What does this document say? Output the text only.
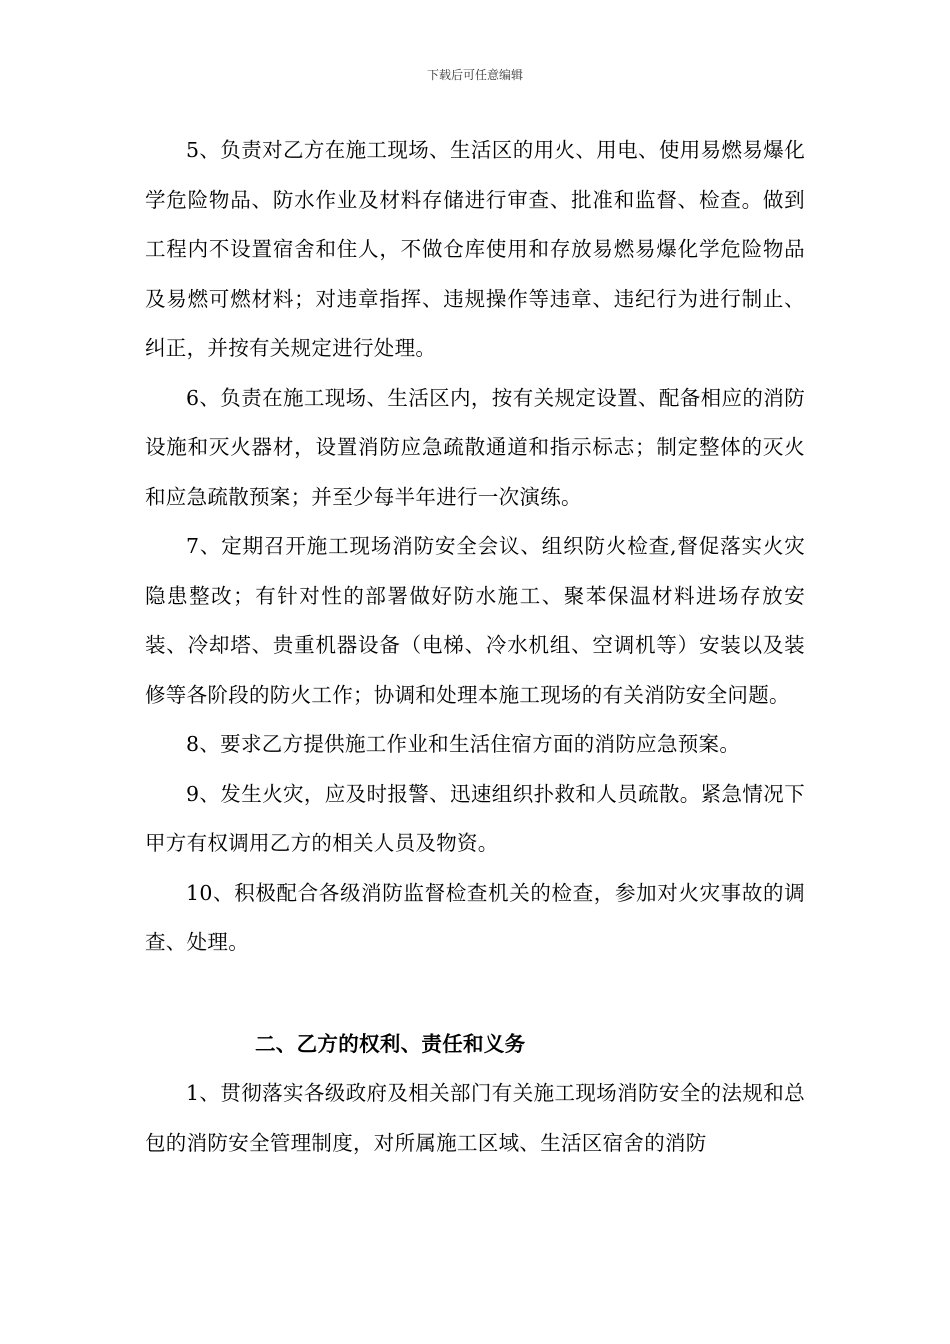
下载后可任意编辑

5、负责对乙方在施工现场、生活区的用火、用电、使用易燃易爆化学危险物品、防水作业及材料存储进行审查、批准和监督、检查。做到工程内不设置宿舍和住人，不做仓库使用和存放易燃易爆化学危险物品及易燃可燃材料；对违章指挥、违规操作等违章、违纪行为进行制止、纠正，并按有关规定进行处理。

6、负责在施工现场、生活区内，按有关规定设置、配备相应的消防设施和灭火器材，设置消防应急疏散通道和指示标志；制定整体的灭火和应急疏散预案；并至少每半年进行一次演练。

7、定期召开施工现场消防安全会议、组织防火检查,督促落实火灾隐患整改；有针对性的部署做好防水施工、聚苯保温材料进场存放安装、冷却塔、贵重机器设备（电梯、冷水机组、空调机等）安装以及装修等各阶段的防火工作；协调和处理本施工现场的有关消防安全问题。

8、要求乙方提供施工作业和生活住宿方面的消防应急预案。

9、发生火灾，应及时报警、迅速组织扑救和人员疏散。紧急情况下甲方有权调用乙方的相关人员及物资。

10、积极配合各级消防监督检查机关的检查，参加对火灾事故的调查、处理。

二、乙方的权利、责任和义务

1、贯彻落实各级政府及相关部门有关施工现场消防安全的法规和总包的消防安全管理制度，对所属施工区域、生活区宿舍的消防
